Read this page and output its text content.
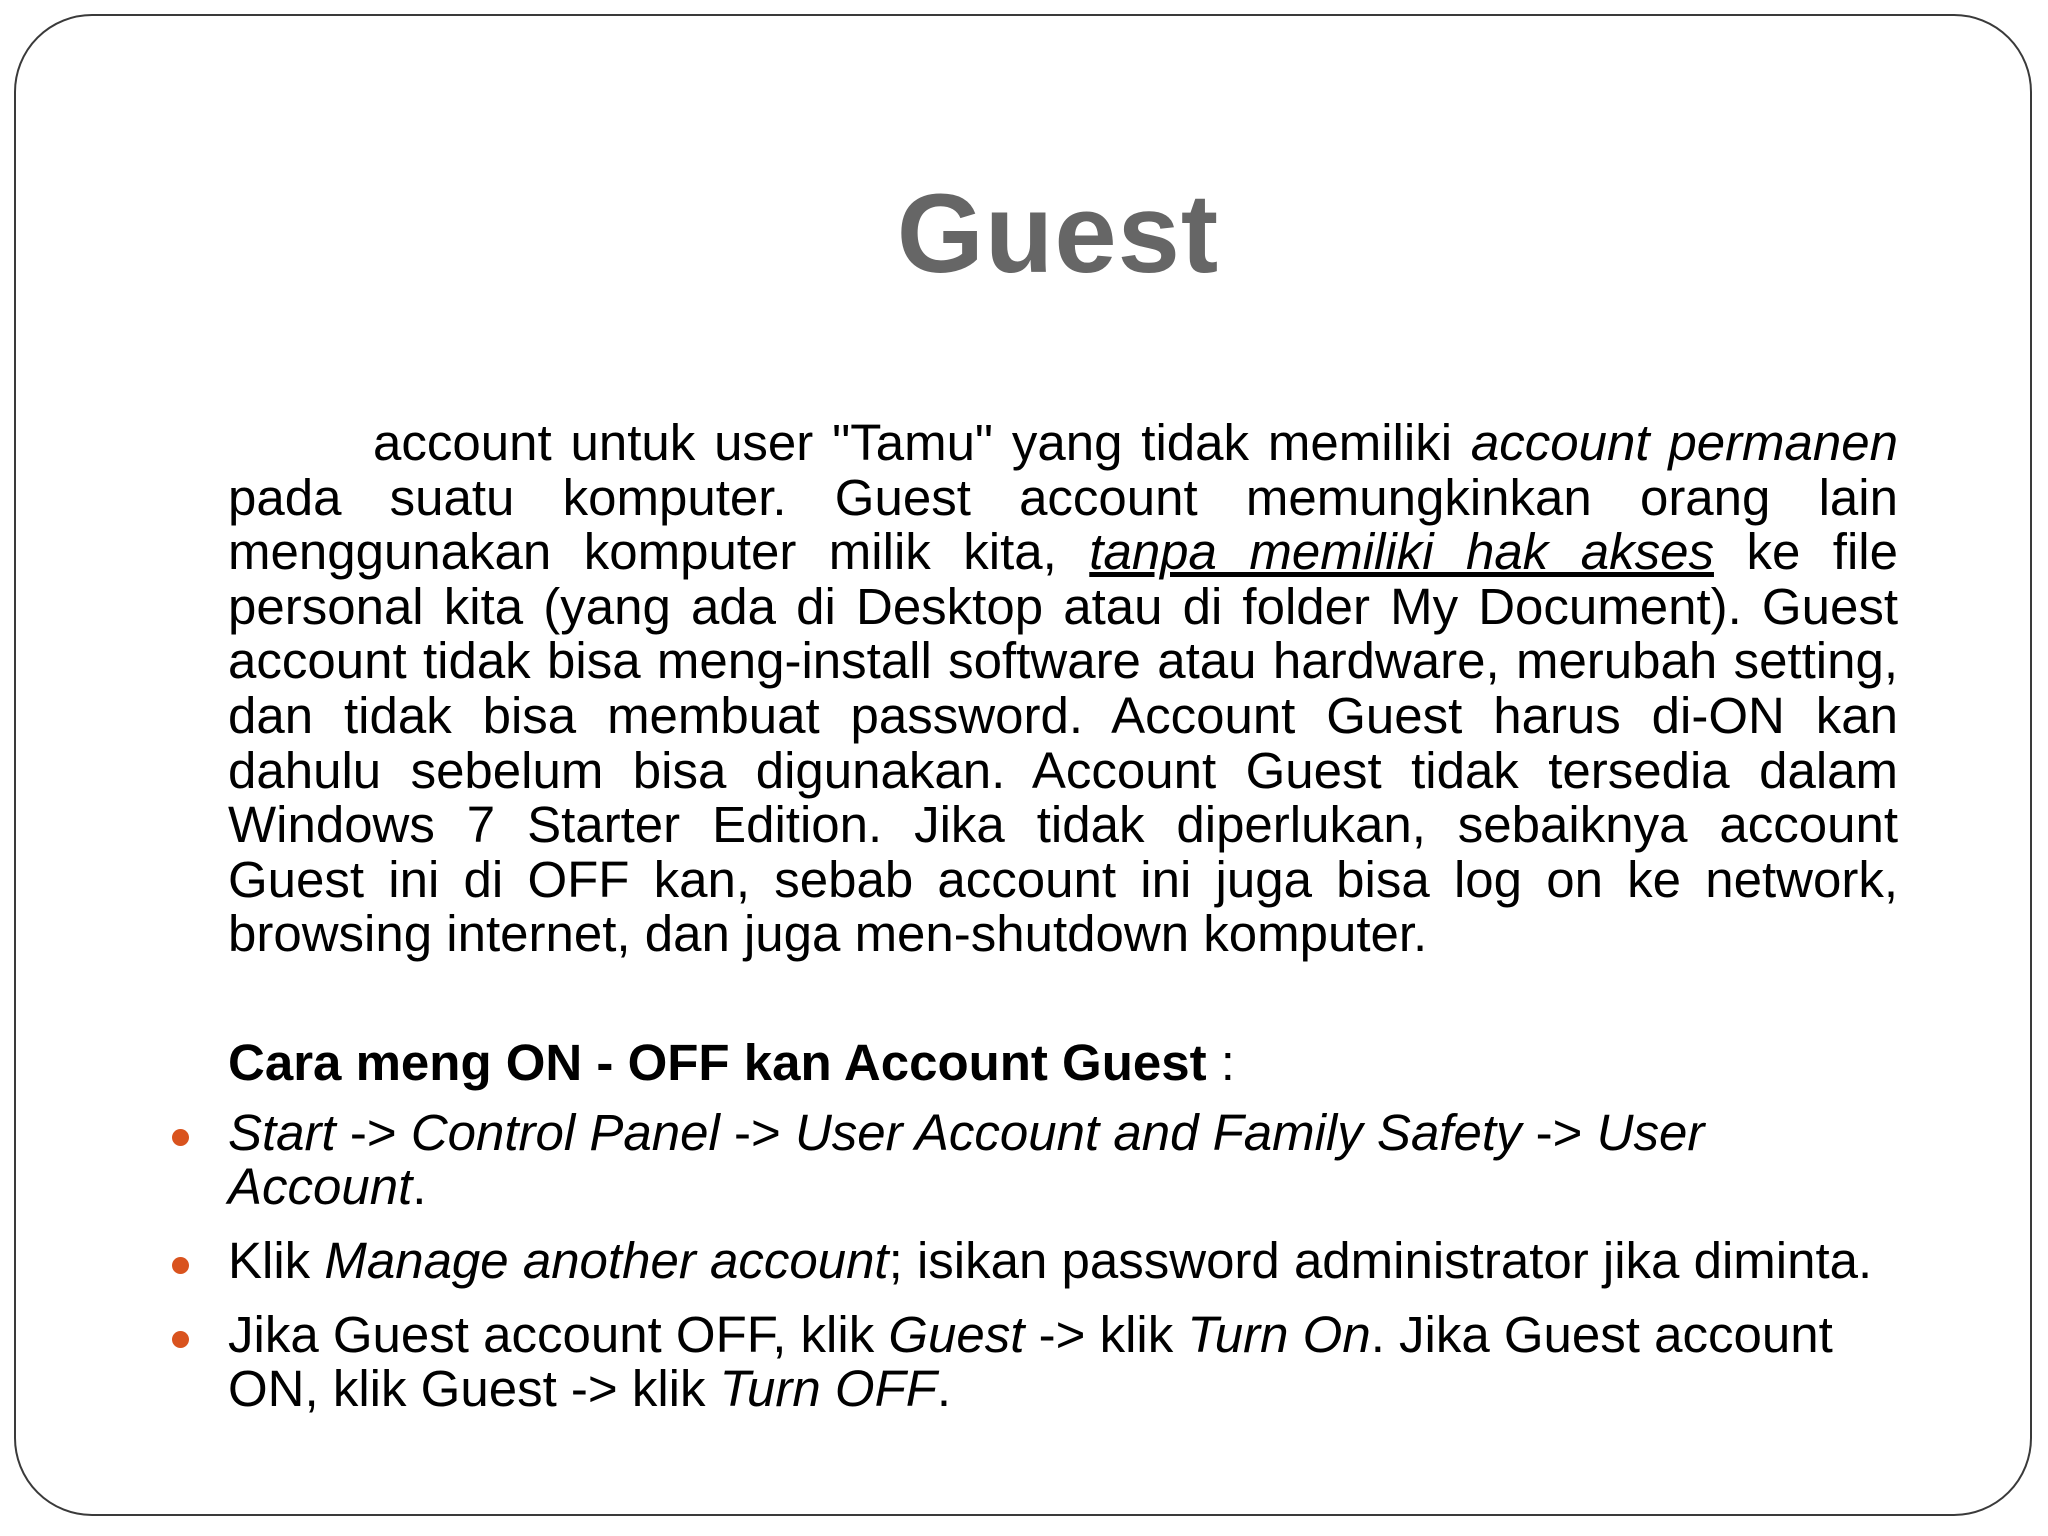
Guest

account untuk user "Tamu" yang tidak memiliki account permanen pada suatu komputer. Guest account memungkinkan orang lain menggunakan komputer milik kita, tanpa memiliki hak akses ke file personal kita (yang ada di Desktop atau di folder My Document). Guest account tidak bisa meng-install software atau hardware, merubah setting, dan tidak bisa membuat password. Account Guest harus di-ON kan dahulu sebelum bisa digunakan. Account Guest tidak tersedia dalam Windows 7 Starter Edition. Jika tidak diperlukan, sebaiknya account Guest ini di OFF kan, sebab account ini juga bisa log on ke network, browsing internet, dan juga men-shutdown komputer.

Cara meng ON - OFF kan Account Guest :
Start -> Control Panel -> User Account and Family Safety -> User Account.
Klik Manage another account; isikan password administrator jika diminta.
Jika Guest account OFF, klik Guest -> klik Turn On. Jika Guest account ON, klik Guest -> klik Turn OFF.
